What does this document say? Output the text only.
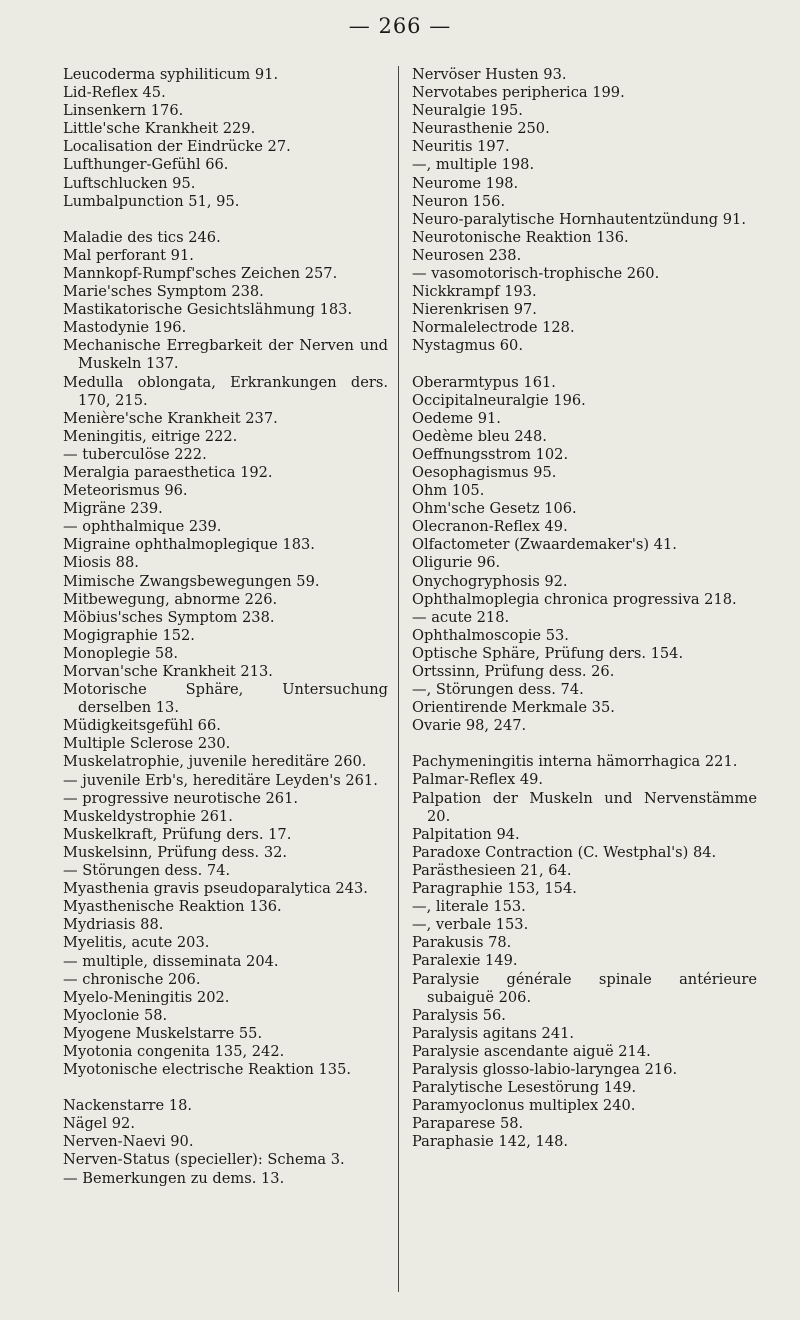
— 266 —

Leucoderma syphiliticum 91.

Lid-Reflex 45.

Linsenkern 176.

Little'sche Krankheit 229.

Localisation der Eindrücke 27.

Lufthunger-Gefühl 66.

Luftschlucken 95.

Lumbalpunction 51, 95.

Maladie des tics 246.

Mal perforant 91.

Mannkopf-Rumpf'sches Zeichen 257.

Marie'sches Symptom 238.

Mastikatorische Gesichtslähmung 183.

Mastodynie 196.

Mechanische Erregbarkeit der Nerven und Muskeln 137.

Medulla oblongata, Erkrankungen ders. 170, 215.

Menière'sche Krankheit 237.

Meningitis, eitrige 222.

— tuberculöse 222.

Meralgia paraesthetica 192.

Meteorismus 96.

Migräne 239.

— ophthalmique 239.

Migraine ophthalmoplegique 183.

Miosis 88.

Mimische Zwangsbewegungen 59.

Mitbewegung, abnorme 226.

Möbius'sches Symptom 238.

Mogigraphie 152.

Monoplegie 58.

Morvan'sche Krankheit 213.

Motorische Sphäre, Untersuchung derselben 13.

Müdigkeitsgefühl 66.

Multiple Sclerose 230.

Muskelatrophie, juvenile hereditäre 260.

— juvenile Erb's, hereditäre Leyden's 261.

— progressive neurotische 261.

Muskeldystrophie 261.

Muskelkraft, Prüfung ders. 17.

Muskelsinn, Prüfung dess. 32.

— Störungen dess. 74.

Myasthenia gravis pseudoparalytica 243.

Myasthenische Reaktion 136.

Mydriasis 88.

Myelitis, acute 203.

— multiple, disseminata 204.

— chronische 206.

Myelo-Meningitis 202.

Myoclonie 58.

Myogene Muskelstarre 55.

Myotonia congenita 135, 242.

Myotonische electrische Reaktion 135.

Nackenstarre 18.

Nägel 92.

Nerven-Naevi 90.

Nerven-Status (specieller): Schema 3.

— Bemerkungen zu dems. 13.

Nervöser Husten 93.

Nervotabes peripherica 199.

Neuralgie 195.

Neurasthenie 250.

Neuritis 197.

—, multiple 198.

Neurome 198.

Neuron 156.

Neuro-paralytische Hornhautentzündung 91.

Neurotonische Reaktion 136.

Neurosen 238.

— vasomotorisch-trophische 260.

Nickkrampf 193.

Nierenkrisen 97.

Normalelectrode 128.

Nystagmus 60.

Oberarmtypus 161.

Occipitalneuralgie 196.

Oedeme 91.

Oedème bleu 248.

Oeffnungsstrom 102.

Oesophagismus 95.

Ohm 105.

Ohm'sche Gesetz 106.

Olecranon-Reflex 49.

Olfactometer (Zwaardemaker's) 41.

Oligurie 96.

Onychogryphosis 92.

Ophthalmoplegia chronica progressiva 218.

— acute 218.

Ophthalmoscopie 53.

Optische Sphäre, Prüfung ders. 154.

Ortssinn, Prüfung dess. 26.

—, Störungen dess. 74.

Orientirende Merkmale 35.

Ovarie 98, 247.

Pachymeningitis interna hämorrhagica 221.

Palmar-Reflex 49.

Palpation der Muskeln und Nervenstämme 20.

Palpitation 94.

Paradoxe Contraction (C. Westphal's) 84.

Parästhesieen 21, 64.

Paragraphie 153, 154.

—, literale 153.

—, verbale 153.

Parakusis 78.

Paralexie 149.

Paralysie générale spinale antérieure subaiguë 206.

Paralysis 56.

Paralysis agitans 241.

Paralysie ascendante aiguë 214.

Paralysis glosso-labio-laryngea 216.

Paralytische Lesestörung 149.

Paramyoclonus multiplex 240.

Paraparese 58.

Paraphasie 142, 148.
